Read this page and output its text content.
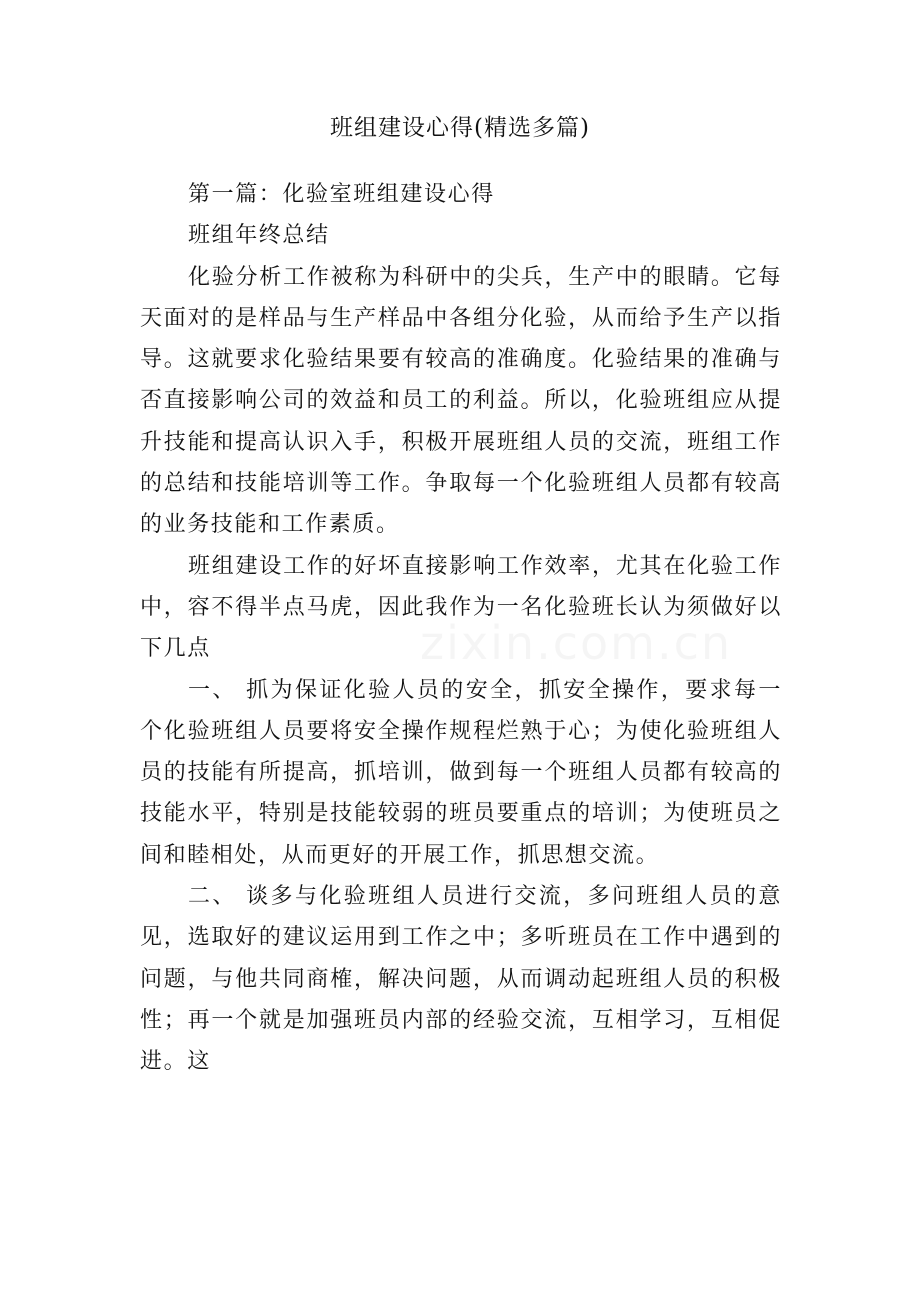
班组建设心得(精选多篇)

第一篇：化验室班组建设心得

班组年终总结

化验分析工作被称为科研中的尖兵，生产中的眼睛。它每天面对的是样品与生产样品中各组分化验，从而给予生产以指导。这就要求化验结果要有较高的准确度。化验结果的准确与否直接影响公司的效益和员工的利益。所以，化验班组应从提升技能和提高认识入手，积极开展班组人员的交流，班组工作的总结和技能培训等工作。争取每一个化验班组人员都有较高的业务技能和工作素质。

班组建设工作的好坏直接影响工作效率，尤其在化验工作中，容不得半点马虎，因此我作为一名化验班长认为须做好以下几点

一、 抓为保证化验人员的安全，抓安全操作，要求每一个化验班组人员要将安全操作规程烂熟于心；为使化验班组人员的技能有所提高，抓培训，做到每一个班组人员都有较高的技能水平，特别是技能较弱的班员要重点的培训；为使班员之间和睦相处，从而更好的开展工作，抓思想交流。

二、 谈多与化验班组人员进行交流，多问班组人员的意见，选取好的建议运用到工作之中；多听班员在工作中遇到的问题，与他共同商榷，解决问题，从而调动起班组人员的积极性；再一个就是加强班员内部的经验交流，互相学习，互相促进。这

zixin.com.cn
